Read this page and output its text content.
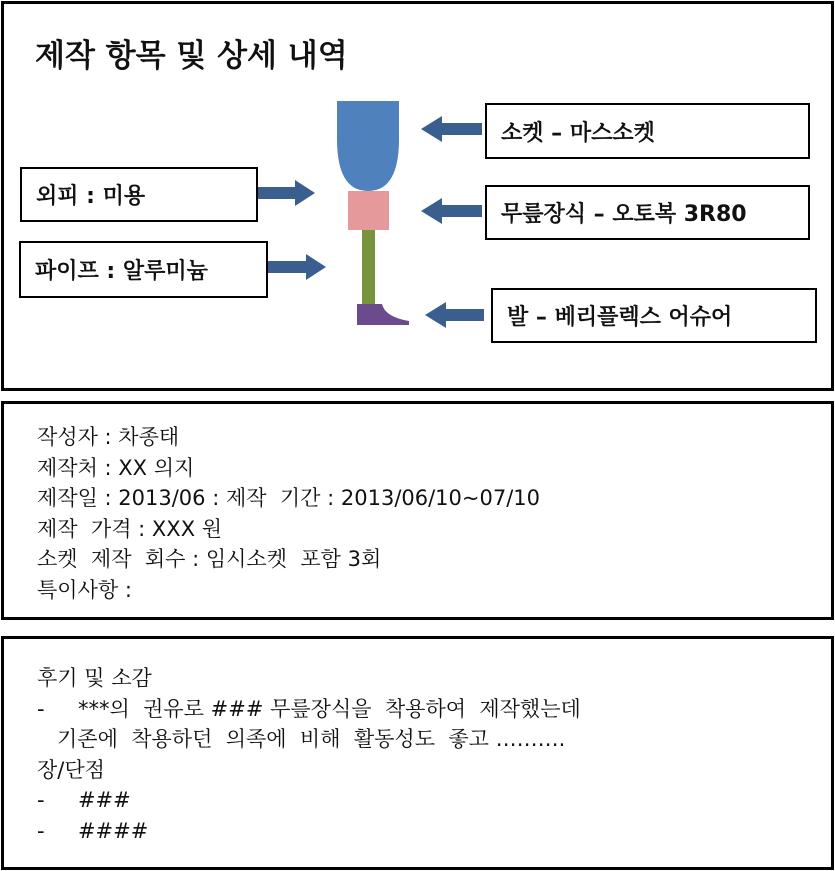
제작 항목 및 상세 내역
외피 : 미용
파이프 : 알루미늄
소켓 – 마스소켓
무릎장식 – 오토복 3R80
발 – 베리플렉스 어슈어
작성자 : 차종태
제작처 : XX 의지
제작일 : 2013/06 : 제작  기간 : 2013/06/10~07/10
제작  가격 : XXX 원
소켓  제작  회수 : 임시소켓  포함 3회
특이사항 :
후기 및 소감
-     ***의  권유로 ### 무릎장식을  착용하여  제작했는데
기존에  착용하던  의족에  비해  활동성도  좋고 ……….
장/단점
-     ###
-     ####
